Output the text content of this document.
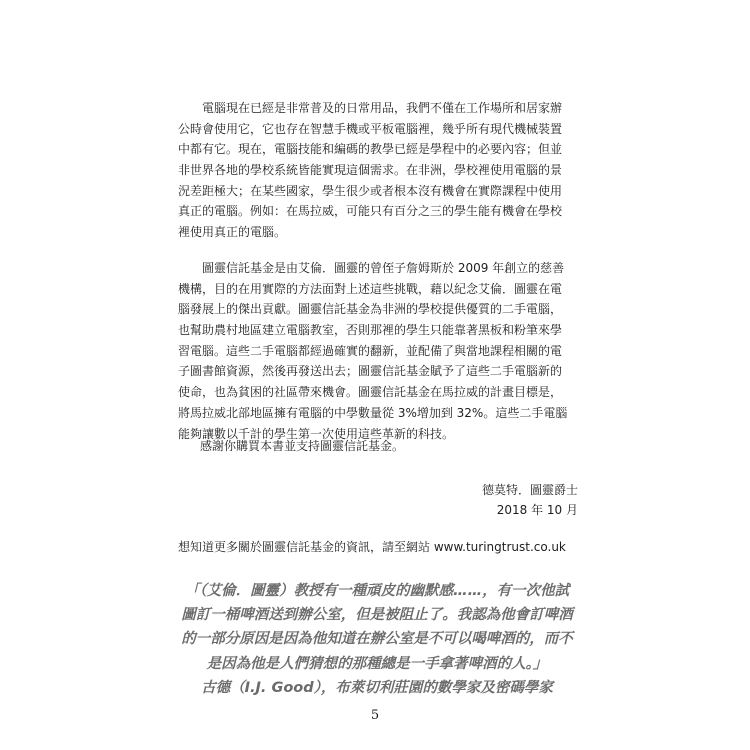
　　電腦現在已經是非常普及的日常用品，我們不僅在工作場所和居家辦
公時會使用它，它也存在智慧手機或平板電腦裡，幾乎所有現代機械裝置
中都有它。現在，電腦技能和編碼的教學已經是學程中的必要內容；但並
非世界各地的學校系統皆能實現這個需求。在非洲，學校裡使用電腦的景
況差距極大；在某些國家，學生很少或者根本沒有機會在實際課程中使用
真正的電腦。例如：在馬拉威，可能只有百分之三的學生能有機會在學校
裡使用真正的電腦。

　　圖靈信託基金是由艾倫．圖靈的曾侄子詹姆斯於 2009 年創立的慈善
機構，目的在用實際的方法面對上述這些挑戰，藉以紀念艾倫．圖靈在電
腦發展上的傑出貢獻。圖靈信託基金為非洲的學校提供優質的二手電腦，
也幫助農村地區建立電腦教室，否則那裡的學生只能靠著黑板和粉筆來學
習電腦。這些二手電腦都經過確實的翻新，並配備了與當地課程相關的電
子圖書館資源，然後再發送出去；圖靈信託基金賦予了這些二手電腦新的
使命，也為貧困的社區帶來機會。圖靈信託基金在馬拉威的計畫目標是，
將馬拉威北部地區擁有電腦的中學數量從 3%增加到 32%。這些二手電腦
能夠讓數以千計的學生第一次使用這些革新的科技。

感謝你購買本書並支持圖靈信託基金。
德莫特．圖靈爵士
2018 年 10 月
想知道更多關於圖靈信託基金的資訊，請至網站 www.turingtrust.co.uk
「（艾倫．圖靈）教授有一種頑皮的幽默感……，有一次他試
圖訂一桶啤酒送到辦公室，但是被阻止了。我認為他會訂啤酒
的一部分原因是因為他知道在辦公室是不可以喝啤酒的，而不
是因為他是人們猜想的那種總是一手拿著啤酒的人。」
古德（I.J. Good），布萊切利莊園的數學家及密碼學家
5
